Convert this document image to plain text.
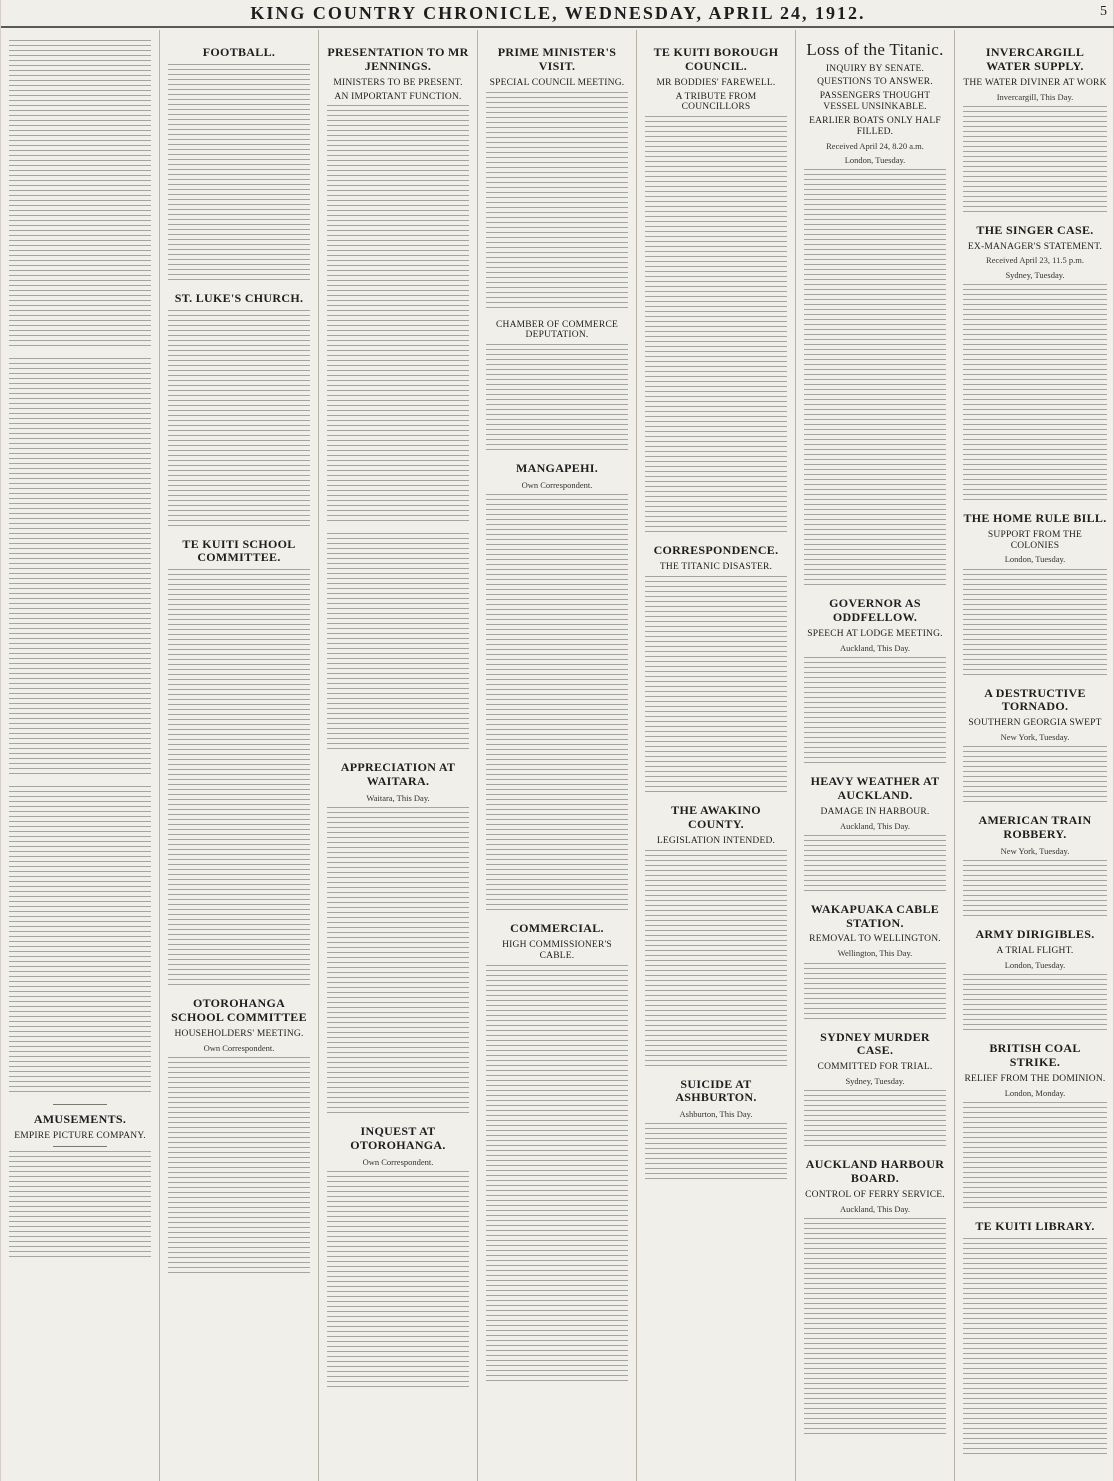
KING COUNTRY CHRONICLE, WEDNESDAY, APRIL 24, 1912.	5
AMUSEMENTS.
EMPIRE PICTURE COMPANY.
FOOTBALL.
ST. LUKE'S CHURCH.
TE KUITI SCHOOL COMMITTEE.
OTOROHANGA SCHOOL COMMITTEE
HOUSEHOLDERS' MEETING.
Own Correspondent.
PRESENTATION TO MR JENNINGS.
MINISTERS TO BE PRESENT.
AN IMPORTANT FUNCTION.
APPRECIATION AT WAITARA.
Waitara, This Day.
INQUEST AT OTOROHANGA.
Own Correspondent.
PRIME MINISTER'S VISIT.
SPECIAL COUNCIL MEETING.
CHAMBER OF COMMERCE DEPUTATION.
MANGAPEHI.
Own Correspondent.
COMMERCIAL.
HIGH COMMISSIONER'S CABLE.
TE KUITI BOROUGH COUNCIL.
MR BODDIES' FAREWELL.
A TRIBUTE FROM COUNCILLORS
CORRESPONDENCE.
THE TITANIC DISASTER.
THE AWAKINO COUNTY.
LEGISLATION INTENDED.
SUICIDE AT ASHBURTON.
Ashburton, This Day.
Loss of the Titanic.
INQUIRY BY SENATE.
QUESTIONS TO ANSWER.
PASSENGERS THOUGHT VESSEL UNSINKABLE.
EARLIER BOATS ONLY HALF FILLED.
Received April 24, 8.20 a.m.
London, Tuesday.
GOVERNOR AS ODDFELLOW.
SPEECH AT LODGE MEETING.
Auckland, This Day.
HEAVY WEATHER AT AUCKLAND.
DAMAGE IN HARBOUR.
Auckland, This Day.
WAKAPUAKA CABLE STATION.
REMOVAL TO WELLINGTON.
Wellington, This Day.
SYDNEY MURDER CASE.
COMMITTED FOR TRIAL.
Sydney, Tuesday.
AUCKLAND HARBOUR BOARD.
CONTROL OF FERRY SERVICE.
Auckland, This Day.
INVERCARGILL WATER SUPPLY.
THE WATER DIVINER AT WORK
Invercargill, This Day.
THE SINGER CASE.
EX-MANAGER'S STATEMENT.
Received April 23, 11.5 p.m.
Sydney, Tuesday.
THE HOME RULE BILL.
SUPPORT FROM THE COLONIES
London, Tuesday.
A DESTRUCTIVE TORNADO.
SOUTHERN GEORGIA SWEPT
New York, Tuesday.
AMERICAN TRAIN ROBBERY.
New York, Tuesday.
ARMY DIRIGIBLES.
A TRIAL FLIGHT.
London, Tuesday.
BRITISH COAL STRIKE.
RELIEF FROM THE DOMINION.
London, Monday.
TE KUITI LIBRARY.
